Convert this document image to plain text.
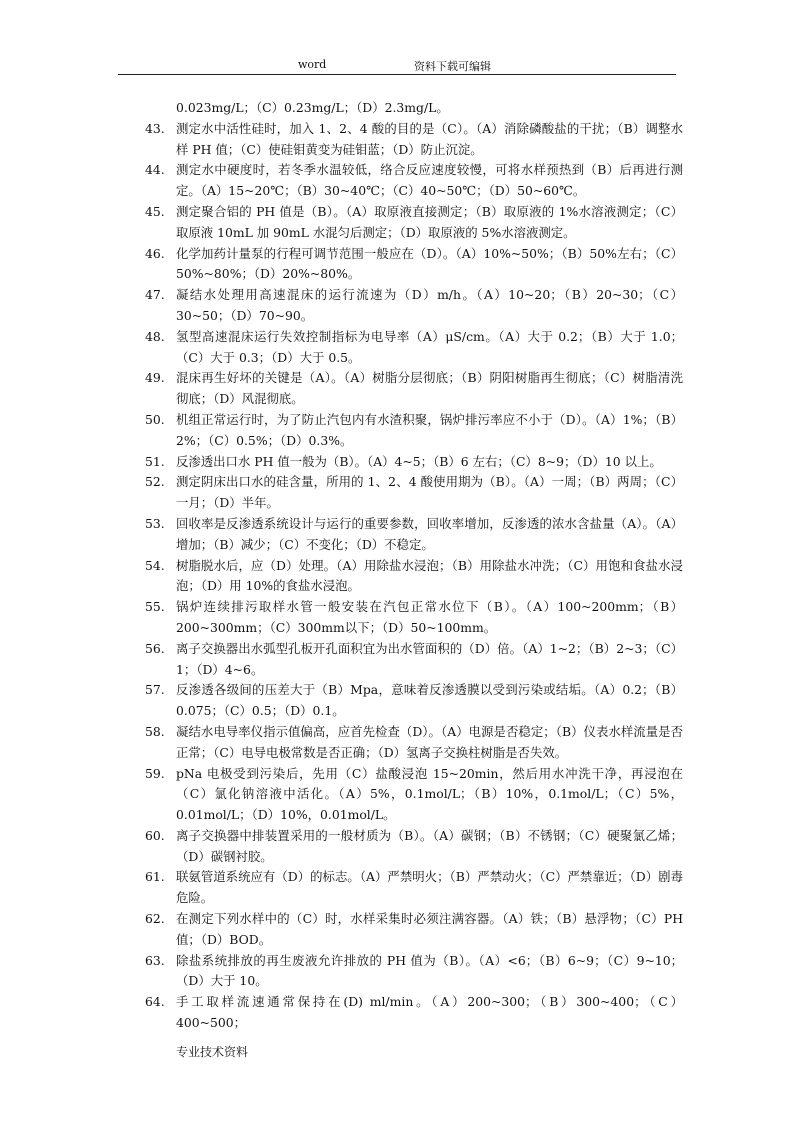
word	资料下载可编辑
0.023mg/L；（C）0.23mg/L；（D）2.3mg/L。
43. 测定水中活性硅时，加入 1、2、4 酸的目的是（C）。（A）消除磷酸盐的干扰；（B）调整水样 PH 值；（C）使硅钼黄变为硅钼蓝；（D）防止沉淀。
44. 测定水中硬度时，若冬季水温较低，络合反应速度较慢，可将水样预热到（B）后再进行测定。（A）15~20℃；（B）30~40℃；（C）40~50℃；（D）50~60℃。
45. 测定聚合铝的 PH 值是（B）。（A）取原液直接测定；（B）取原液的 1%水溶液测定；（C）取原液 10mL 加 90mL 水混匀后测定；（D）取原液的 5%水溶液测定。
46. 化学加药计量泵的行程可调节范围一般应在（D）。（A）10%~50%；（B）50%左右；（C）50%~80%；（D）20%~80%。
47. 凝结水处理用高速混床的运行流速为（D）m/h。（A）10~20；（B）20~30；（C）30~50；（D）70~90。
48. 氢型高速混床运行失效控制指标为电导率（A）μS/cm。（A）大于 0.2；（B）大于 1.0；（C）大于 0.3；（D）大于 0.5。
49. 混床再生好坏的关键是（A）。（A）树脂分层彻底；（B）阴阳树脂再生彻底；（C）树脂清洗彻底；（D）风混彻底。
50. 机组正常运行时，为了防止汽包内有水渣积聚，锅炉排污率应不小于（D）。（A）1%；（B）2%；（C）0.5%；（D）0.3%。
51. 反渗透出口水 PH 值一般为（B）。（A）4~5；（B）6 左右；（C）8~9；（D）10 以上。
52. 测定阴床出口水的硅含量，所用的 1、2、4 酸使用期为（B）。（A）一周；（B）两周；（C）一月；（D）半年。
53. 回收率是反渗透系统设计与运行的重要参数，回收率增加，反渗透的浓水含盐量（A）。（A）增加；（B）减少；（C）不变化；（D）不稳定。
54. 树脂脱水后，应（D）处理。（A）用除盐水浸泡；（B）用除盐水冲洗；（C）用饱和食盐水浸泡；（D）用 10%的食盐水浸泡。
55. 锅炉连续排污取样水管一般安装在汽包正常水位下（B）。（A）100~200mm；（B）200~300mm；（C）300mm以下；（D）50~100mm。
56. 离子交换器出水弧型孔板开孔面积宜为出水管面积的（D）倍。（A）1~2；（B）2~3；（C）1；（D）4~6。
57. 反渗透各级间的压差大于（B）Mpa，意味着反渗透膜以受到污染或结垢。（A）0.2；（B）0.075；（C）0.5；（D）0.1。
58. 凝结水电导率仪指示值偏高，应首先检查（D）。（A）电源是否稳定；（B）仪表水样流量是否正常；（C）电导电极常数是否正确；（D）氢离子交换柱树脂是否失效。
59. pNa 电极受到污染后，先用（C）盐酸浸泡 15~20min，然后用水冲洗干净，再浸泡在（C）氯化钠溶液中活化。（A）5%，0.1mol/L；（B）10%，0.1mol/L；（C）5%，0.01mol/L；（D）10%，0.01mol/L。
60. 离子交换器中排装置采用的一般材质为（B）。（A）碳钢；（B）不锈钢；（C）硬聚氯乙烯；（D）碳钢衬胶。
61. 联氨管道系统应有（D）的标志。（A）严禁明火；（B）严禁动火；（C）严禁靠近；（D）剧毒危险。
62. 在测定下列水样中的（C）时，水样采集时必须注满容器。（A）铁；（B）悬浮物；（C）PH 值；（D）BOD。
63. 除盐系统排放的再生废液允许排放的 PH 值为（B）。（A）<6；（B）6~9；（C）9~10；（D）大于 10。
64. 手工取样流速通常保持在(D) ml/min。（A）200~300；（B）300~400；（C）400~500；
专业技术资料
